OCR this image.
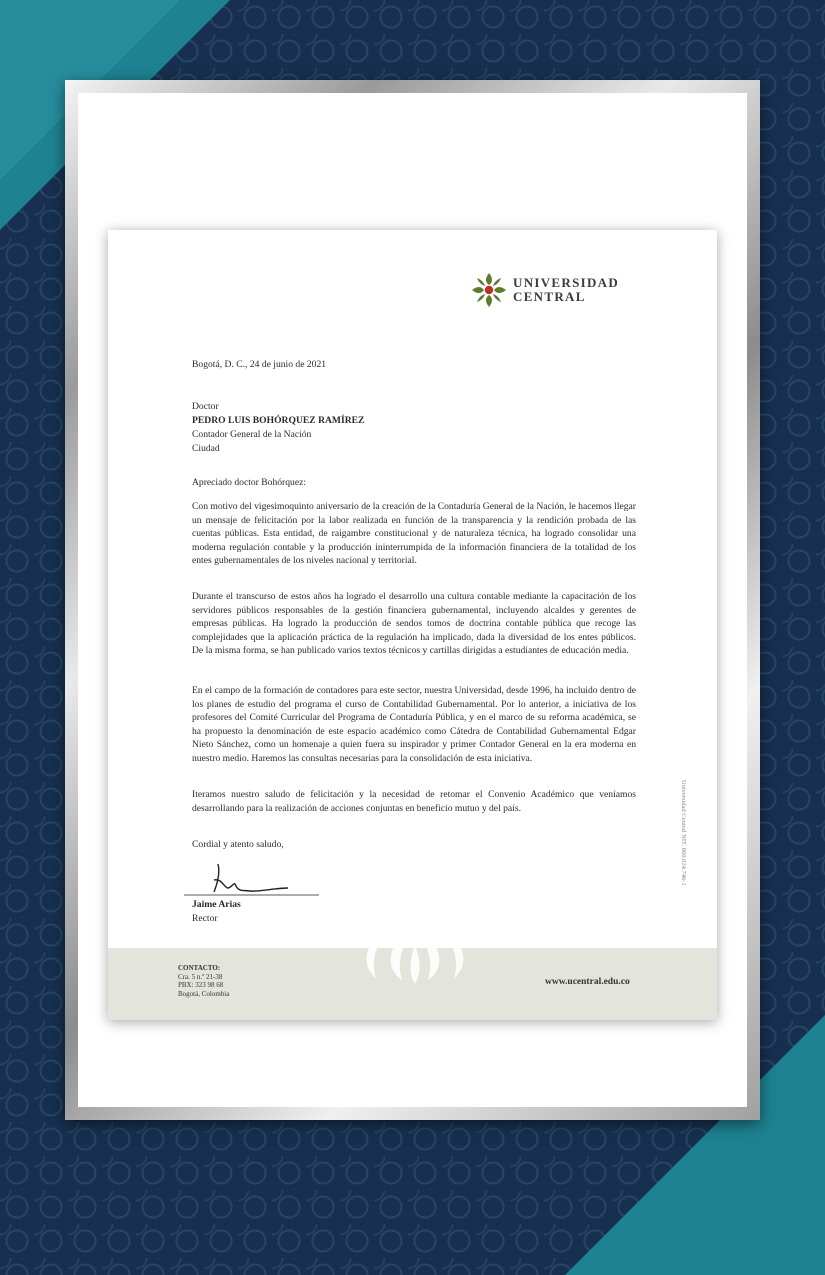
UNIVERSIDAD
CENTRAL
Bogotá, D. C., 24 de junio de 2021
Doctor
PEDRO LUIS BOHÓRQUEZ RAMÍREZ
Contador General de la Nación
Ciudad
Apreciado doctor Bohórquez:
Con motivo del vigesimoquinto aniversario de la creación de la Contaduría General de la Nación, le hacemos llegar un mensaje de felicitación por la labor realizada en función de la transparencia y la rendición probada de las cuentas públicas. Esta entidad, de raigambre constitucional y de naturaleza técnica, ha logrado consolidar una moderna regulación contable y la producción ininterrumpida de la información financiera de la totalidad de los entes gubernamentales de los niveles nacional y territorial.
Durante el transcurso de estos años ha logrado el desarrollo una cultura contable mediante la capacitación de los servidores públicos responsables de la gestión financiera gubernamental, incluyendo alcaldes y gerentes de empresas públicas. Ha logrado la producción de sendos tomos de doctrina contable pública que recoge las complejidades que la aplicación práctica de la regulación ha implicado, dada la diversidad de los entes públicos. De la misma forma, se han publicado varios textos técnicos y cartillas dirigidas a estudiantes de educación media.
En el campo de la formación de contadores para este sector, nuestra Universidad, desde 1996, ha incluido dentro de los planes de estudio del programa el curso de Contabilidad Gubernamental. Por lo anterior, a iniciativa de los profesores del Comité Curricular del Programa de Contaduría Pública, y en el marco de su reforma académica, se ha propuesto la denominación de este espacio académico como Cátedra de Contabilidad Gubernamental Edgar Nieto Sánchez, como un homenaje a quien fuera su inspirador y primer Contador General en la era moderna en nuestro medio. Haremos las consultas necesarias para la consolidación de esta iniciativa.
Iteramos nuestro saludo de felicitación y la necesidad de retomar el Convenio Académico que veníamos desarrollando para la realización de acciones conjuntas en beneficio mutuo y del país.
Cordial y atento saludo,
Jaime Arias
Rector
Universidad Central NIT. 860.024.746-1
CONTACTO:
Cra. 5 n.º 21-38
PBX: 323 98 68
Bogotá, Colombia
www.ucentral.edu.co
